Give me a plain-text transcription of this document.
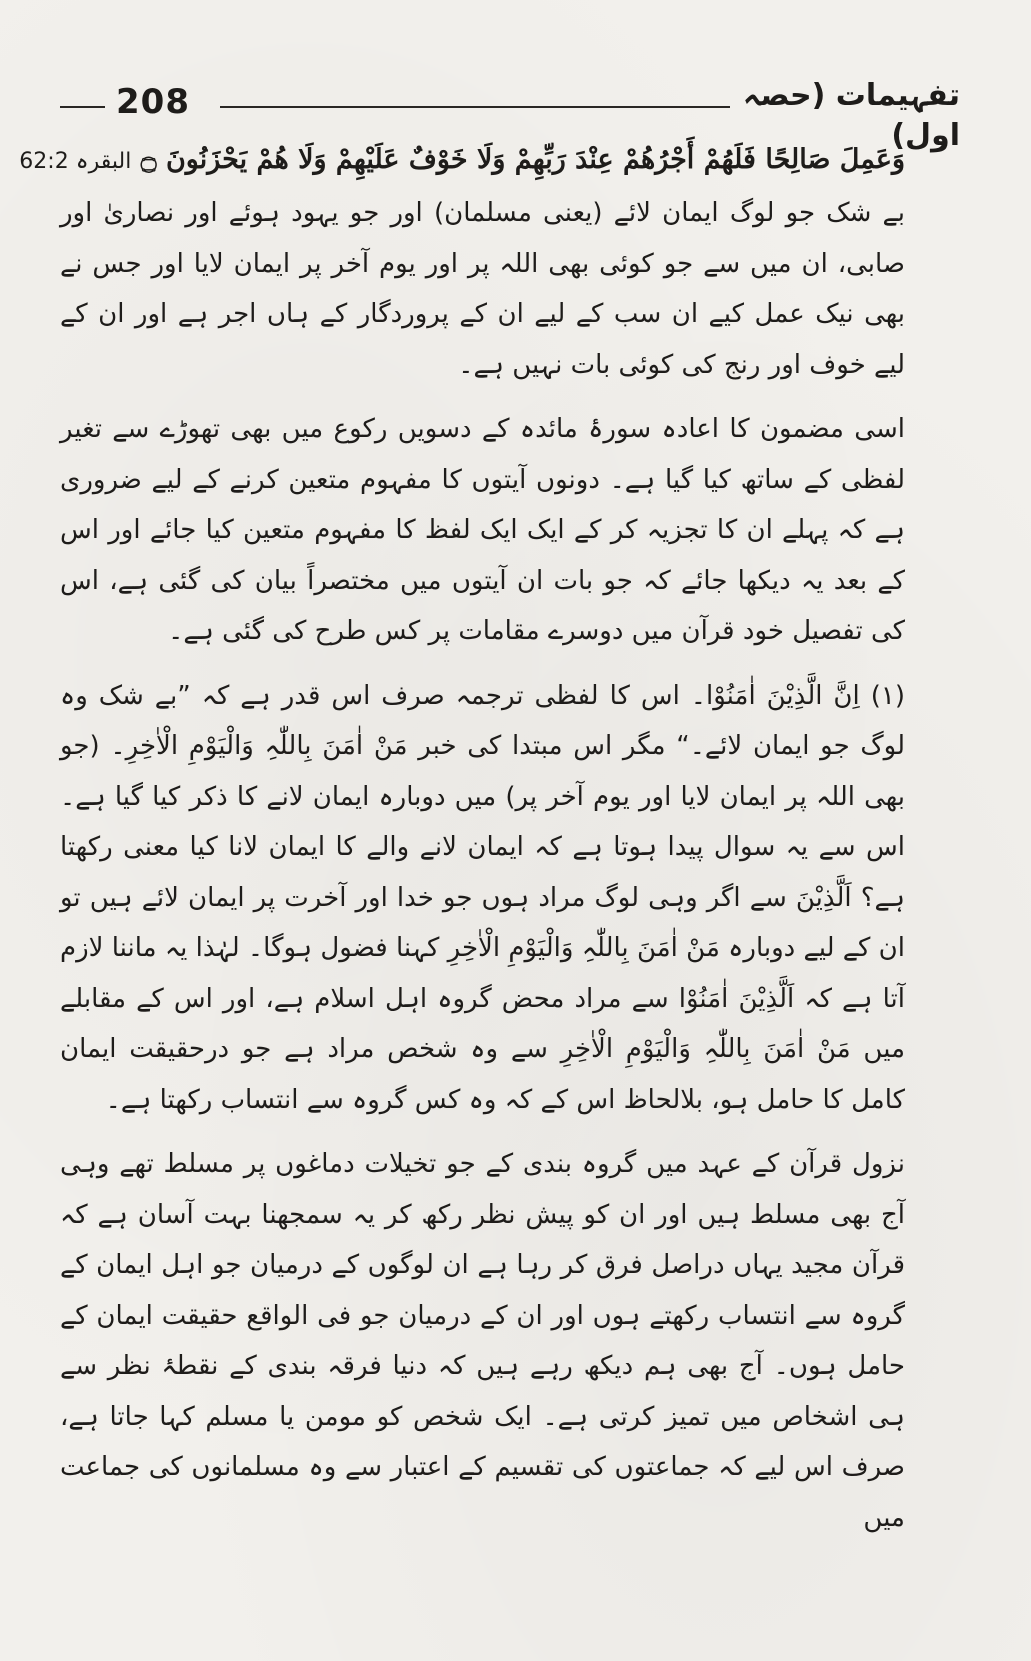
208	تفہیمات (حصہ اول)
وَعَمِلَ صَالِحًا فَلَهُمْ أَجْرُهُمْ عِنْدَ رَبِّهِمْ وَلَا خَوْفٌ عَلَيْهِمْ وَلَا هُمْ يَحْزَنُونَ ۝ البقرہ 62:2

بے شک جو لوگ ایمان لائے (یعنی مسلمان) اور جو یہود ہوئے اور نصاریٰ اور صابی، ان میں سے جو کوئی بھی اللہ پر اور یوم آخر پر ایمان لایا اور جس نے بھی نیک عمل کیے ان سب کے لیے ان کے پروردگار کے ہاں اجر ہے اور ان کے لیے خوف اور رنج کی کوئی بات نہیں ہے۔

اسی مضمون کا اعادہ سورۂ مائدہ کے دسویں رکوع میں بھی تھوڑے سے تغیر لفظی کے ساتھ کیا گیا ہے۔ دونوں آیتوں کا مفہوم متعین کرنے کے لیے ضروری ہے کہ پہلے ان کا تجزیہ کر کے ایک ایک لفظ کا مفہوم متعین کیا جائے اور اس کے بعد یہ دیکھا جائے کہ جو بات ان آیتوں میں مختصراً بیان کی گئی ہے، اس کی تفصیل خود قرآن میں دوسرے مقامات پر کس طرح کی گئی ہے۔

(۱) اِنَّ الَّذِیْنَ اٰمَنُوْا۔ اس کا لفظی ترجمہ صرف اس قدر ہے کہ ”بے شک وہ لوگ جو ایمان لائے۔“ مگر اس مبتدا کی خبر مَنْ اٰمَنَ بِاللّٰہِ وَالْیَوْمِ الْاٰخِرِ۔ (جو بھی اللہ پر ایمان لایا اور یوم آخر پر) میں دوبارہ ایمان لانے کا ذکر کیا گیا ہے۔ اس سے یہ سوال پیدا ہوتا ہے کہ ایمان لانے والے کا ایمان لانا کیا معنی رکھتا ہے؟ اَلَّذِیْنَ سے اگر وہی لوگ مراد ہوں جو خدا اور آخرت پر ایمان لائے ہیں تو ان کے لیے دوبارہ مَنْ اٰمَنَ بِاللّٰہِ وَالْیَوْمِ الْاٰخِرِ کہنا فضول ہوگا۔ لہٰذا یہ ماننا لازم آتا ہے کہ اَلَّذِیْنَ اٰمَنُوْا سے مراد محض گروہ اہل اسلام ہے، اور اس کے مقابلے میں مَنْ اٰمَنَ بِاللّٰہِ وَالْیَوْمِ الْاٰخِرِ سے وہ شخص مراد ہے جو درحقیقت ایمان کامل کا حامل ہو، بلالحاظ اس کے کہ وہ کس گروہ سے انتساب رکھتا ہے۔

نزول قرآن کے عہد میں گروہ بندی کے جو تخیلات دماغوں پر مسلط تھے وہی آج بھی مسلط ہیں اور ان کو پیش نظر رکھ کر یہ سمجھنا بہت آسان ہے کہ قرآن مجید یہاں دراصل فرق کر رہا ہے ان لوگوں کے درمیان جو اہل ایمان کے گروہ سے انتساب رکھتے ہوں اور ان کے درمیان جو فی الواقع حقیقت ایمان کے حامل ہوں۔ آج بھی ہم دیکھ رہے ہیں کہ دنیا فرقہ بندی کے نقطۂ نظر سے ہی اشخاص میں تمیز کرتی ہے۔ ایک شخص کو مومن یا مسلم کہا جاتا ہے، صرف اس لیے کہ جماعتوں کی تقسیم کے اعتبار سے وہ مسلمانوں کی جماعت میں
